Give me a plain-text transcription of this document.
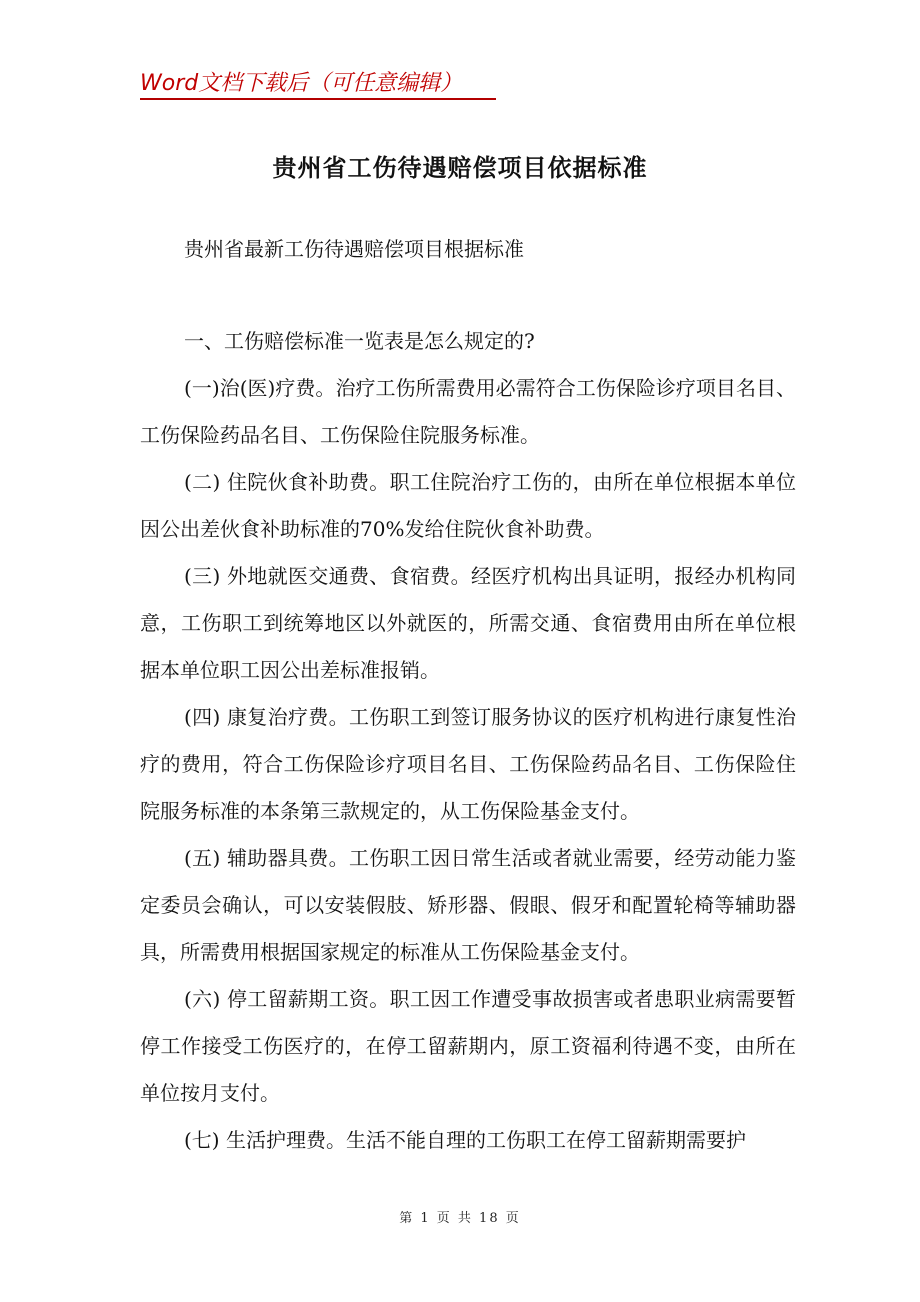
Word文档下载后（可任意编辑）
贵州省工伤待遇赔偿项目依据标准
贵州省最新工伤待遇赔偿项目根据标准

一、工伤赔偿标准一览表是怎么规定的?

(一)治(医)疗费。治疗工伤所需费用必需符合工伤保险诊疗项目名目、工伤保险药品名目、工伤保险住院服务标准。

(二) 住院伙食补助费。职工住院治疗工伤的，由所在单位根据本单位因公出差伙食补助标准的70%发给住院伙食补助费。

(三) 外地就医交通费、食宿费。经医疗机构出具证明，报经办机构同意，工伤职工到统筹地区以外就医的，所需交通、食宿费用由所在单位根据本单位职工因公出差标准报销。

(四) 康复治疗费。工伤职工到签订服务协议的医疗机构进行康复性治疗的费用，符合工伤保险诊疗项目名目、工伤保险药品名目、工伤保险住院服务标准的本条第三款规定的，从工伤保险基金支付。

(五) 辅助器具费。工伤职工因日常生活或者就业需要，经劳动能力鉴定委员会确认，可以安装假肢、矫形器、假眼、假牙和配置轮椅等辅助器具，所需费用根据国家规定的标准从工伤保险基金支付。

(六) 停工留薪期工资。职工因工作遭受事故损害或者患职业病需要暂停工作接受工伤医疗的，在停工留薪期内，原工资福利待遇不变，由所在单位按月支付。

(七) 生活护理费。生活不能自理的工伤职工在停工留薪期需要护

第 1 页 共 18 页
